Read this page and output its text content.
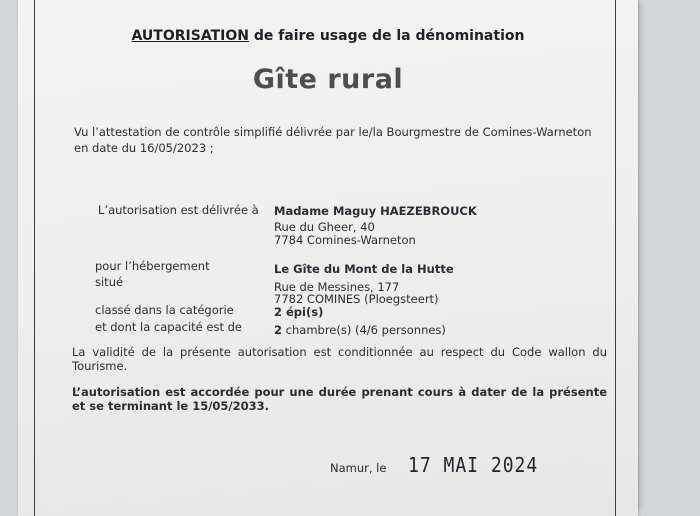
AUTORISATION de faire usage de la dénomination
Gîte rural
Vu l’attestation de contrôle simplifié délivrée par le/la Bourgmestre de Comines-Warneton en date du 16/05/2023 ;
L’autorisation est délivrée à Madame Maguy HAEZEBROUCK
Rue du Gheer, 40
7784 Comines-Warneton
pour l’hébergement	Le Gîte du Mont de la Hutte
situé	Rue de Messines, 177
7782 COMINES (Ploegsteert)
classé dans la catégorie	2 épi(s)
et dont la capacité est de	2 chambre(s) (4/6 personnes)
La validité de la présente autorisation est conditionnée au respect du Code wallon du Tourisme.
L’autorisation est accordée pour une durée prenant cours à dater de la présente et se terminant le 15/05/2033.
Namur, le 17 MAI 2024
